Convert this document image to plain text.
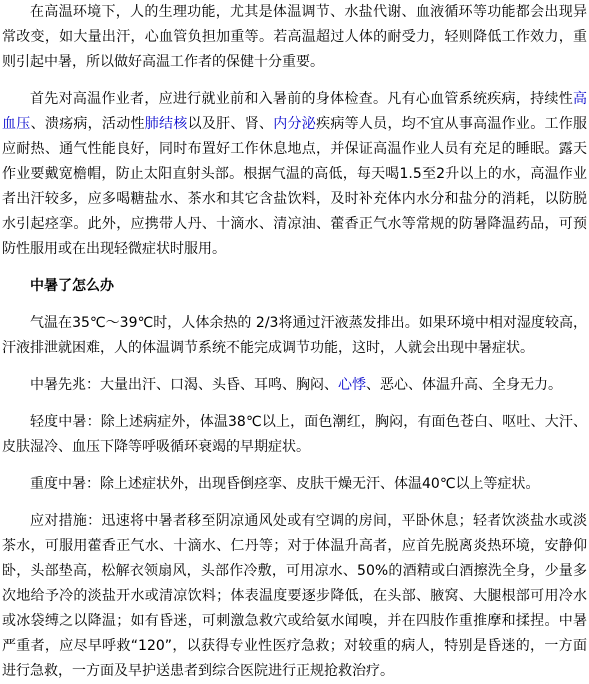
在高温环境下，人的生理功能，尤其是体温调节、水盐代谢、血液循环等功能都会出现异常改变，如大量出汗，心血管负担加重等。若高温超过人体的耐受力，轻则降低工作效力，重则引起中暑，所以做好高温工作者的保健十分重要。

首先对高温作业者，应进行就业前和入暑前的身体检查。凡有心血管系统疾病，持续性高血压、溃疡病，活动性肺结核以及肝、肾、内分泌疾病等人员，均不宜从事高温作业。工作服应耐热、通气性能良好，同时布置好工作休息地点，并保证高温作业人员有充足的睡眠。露天作业要戴宽檐帽，防止太阳直射头部。根据气温的高低，每天喝1.5至2升以上的水，高温作业者出汗较多，应多喝糖盐水、茶水和其它含盐饮料，及时补充体内水分和盐分的消耗，以防脱水引起痉挛。此外，应携带人丹、十滴水、清凉油、藿香正气水等常规的防暑降温药品，可预防性服用或在出现轻微症状时服用。

中暑了怎么办

气温在35℃～39℃时，人体余热的 2/3将通过汗液蒸发排出。如果环境中相对湿度较高，汗液排泄就困难，人的体温调节系统不能完成调节功能，这时，人就会出现中暑症状。

中暑先兆：大量出汗、口渴、头昏、耳鸣、胸闷、心悸、恶心、体温升高、全身无力。

轻度中暑：除上述病症外，体温38℃以上，面色潮红，胸闷，有面色苍白、呕吐、大汗、皮肤湿冷、血压下降等呼吸循环衰竭的早期症状。

重度中暑：除上述症状外，出现昏倒痉挛、皮肤干燥无汗、体温40℃以上等症状。

应对措施：迅速将中暑者移至阴凉通风处或有空调的房间，平卧休息；轻者饮淡盐水或淡茶水，可服用藿香正气水、十滴水、仁丹等；对于体温升高者，应首先脱离炎热环境，安静仰卧，头部垫高，松解衣领扇风，头部作冷敷，可用凉水、50%的酒精或白酒擦洗全身，少量多次地给予冷的淡盐开水或清凉饮料；体表温度要逐步降低，在头部、腋窝、大腿根部可用冷水或冰袋缚之以降温；如有昏迷，可刺激急救穴或给氨水闻嗅，并在四肢作重推摩和揉捏。中暑严重者，应尽早呼救“120”，以获得专业性医疗急救；对较重的病人，特别是昏迷的，一方面进行急救，一方面及早护送患者到综合医院进行正规抢救治疗。
